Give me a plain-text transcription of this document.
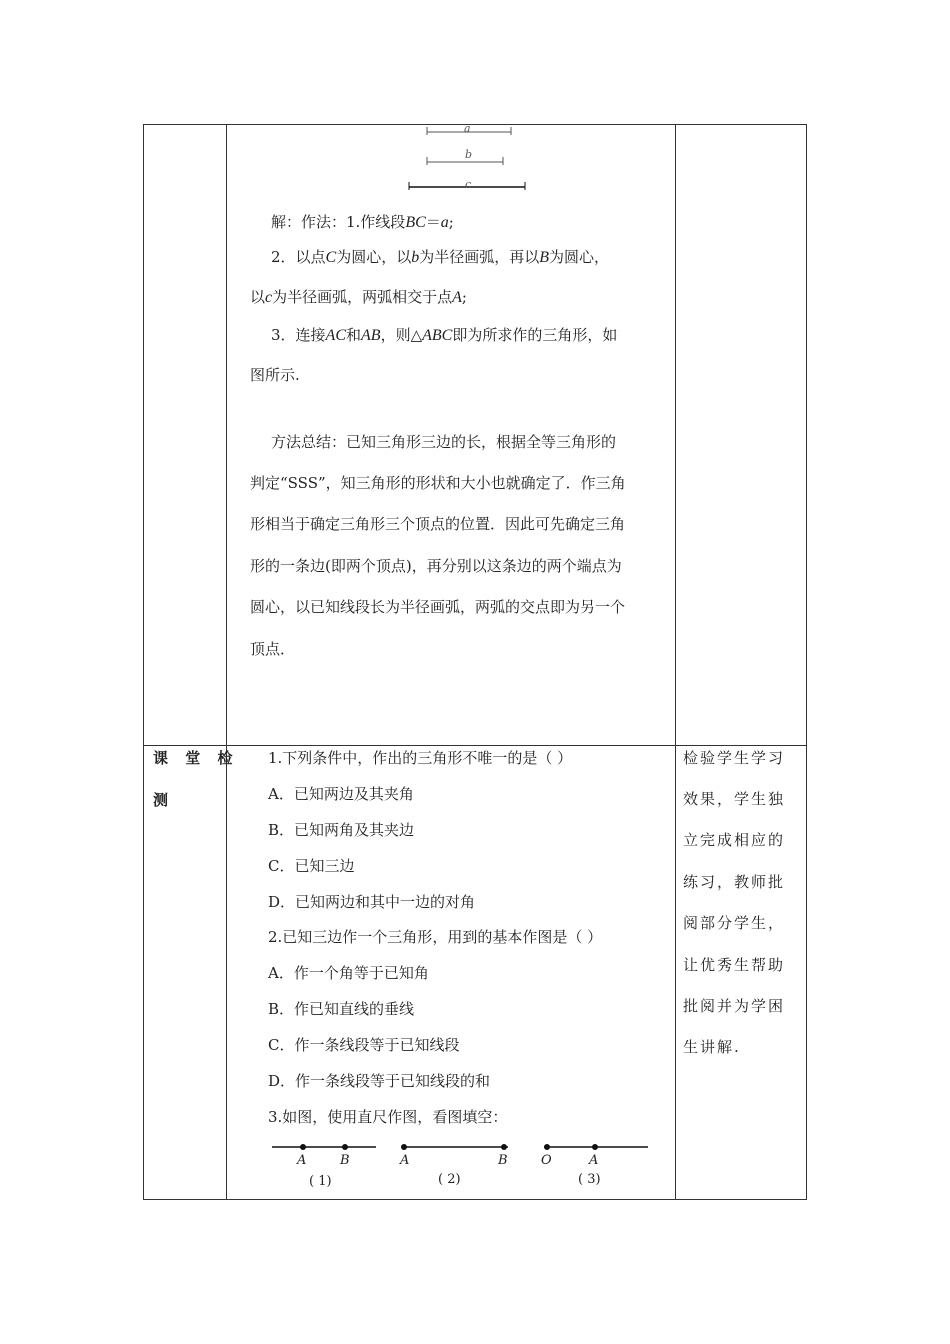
a
b
c
解：作法：1.作线段BC＝a;
2．以点C为圆心，以b为半径画弧，再以B为圆心，
以c为半径画弧，两弧相交于点A;
3．连接AC和AB，则△ABC即为所求作的三角形，如
图所示.
方法总结：已知三角形三边的长，根据全等三角形的
判定“SSS”，知三角形的形状和大小也就确定了．作三角
形相当于确定三角形三个顶点的位置．因此可先确定三角
形的一条边(即两个顶点)，再分别以这条边的两个端点为
圆心，以已知线段长为半径画弧，两弧的交点即为另一个
顶点．
课 堂 检
测
1.下列条件中，作出的三角形不唯一的是（ ）
A．已知两边及其夹角
B．已知两角及其夹边
C．已知三边
D．已知两边和其中一边的对角
2.已知三边作一个三角形，用到的基本作图是（ ）
A．作一个角等于已知角
B．作已知直线的垂线
C．作一条线段等于已知线段
D．作一条线段等于已知线段的和
3.如图，使用直尺作图，看图填空：
A	B	A	B	O	A
( 1)	( 2)	( 3)
检验学生学习
效果，学生独
立完成相应的
练习，教师批
阅部分学生，
让优秀生帮助
批阅并为学困
生讲解.
